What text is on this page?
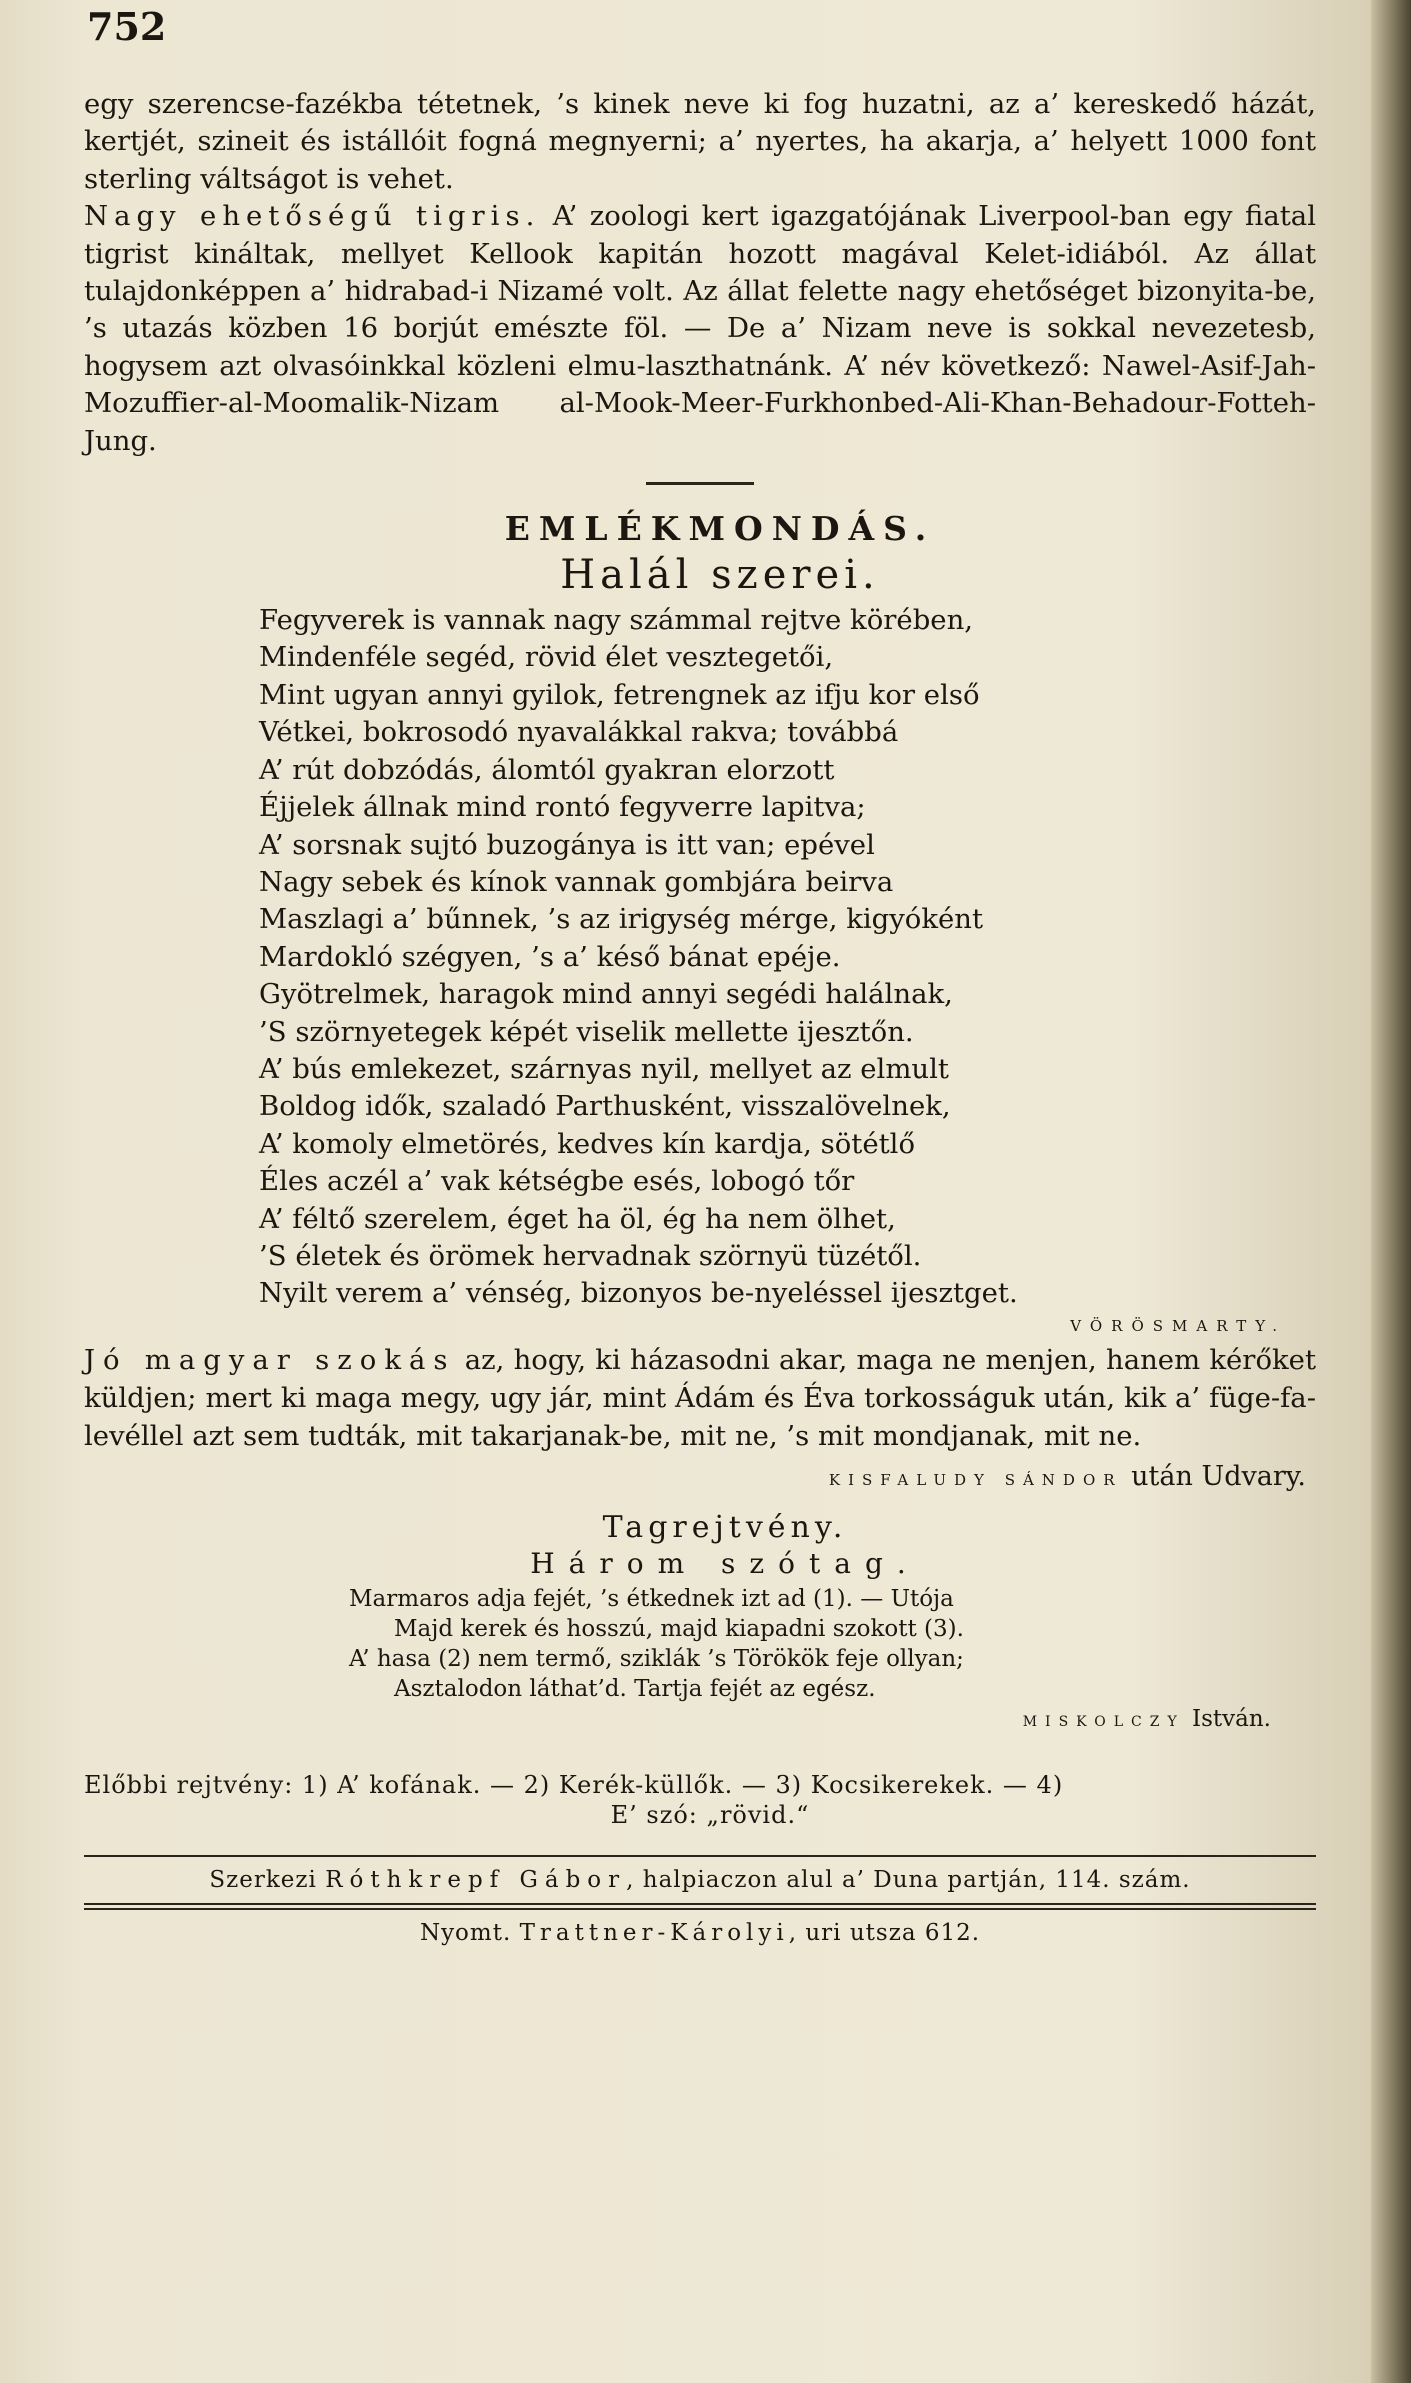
752

egy szerencse-fazékba tétetnek, ’s kinek neve ki fog huzatni, az a’ kereskedő házát, kertjét, szineit és istállóit fogná megnyerni; a’ nyertes, ha akarja, a’ helyett 1000 font sterling váltságot is vehet.

Nagy ehetőségű tigris. A’ zoologi kert igazgatójának Liverpool-ban egy fiatal tigrist kináltak, mellyet Kellook kapitán hozott magával Kelet-idiából. Az állat tulajdonképpen a’ hidrabad-i Nizamé volt. Az állat felette nagy ehetőséget bizonyita-be, ’s utazás közben 16 borjút emészte föl. — De a’ Nizam neve is sokkal nevezetesb, hogysem azt olvasóinkkal közleni elmu-laszthatnánk. A’ név következő: Nawel-Asif-Jah-Mozuffier-al-Moomalik-Nizam al-Mook-Meer-Furkhonbed-Ali-Khan-Behadour-Fotteh-Jung.

EMLÉKMONDÁS.
Halál szerei.
Fegyverek is vannak nagy számmal rejtve körében,
Mindenféle segéd, rövid élet vesztegetői,
Mint ugyan annyi gyilok, fetrengnek az ifju kor első
Vétkei, bokrosodó nyavalákkal rakva; továbbá
A’ rút dobzódás, álomtól gyakran elorzott
Éjjelek állnak mind rontó fegyverre lapitva;
A’ sorsnak sujtó buzogánya is itt van; epével
Nagy sebek és kínok vannak gombjára beirva
Maszlagi a’ bűnnek, ’s az irigység mérge, kigyóként
Mardokló szégyen, ’s a’ késő bánat epéje.
Gyötrelmek, haragok mind annyi segédi halálnak,
’S szörnyetegek képét viselik mellette ijesztőn.
A’ bús emlekezet, szárnyas nyil, mellyet az elmult
Boldog idők, szaladó Parthusként, visszalövelnek,
A’ komoly elmetörés, kedves kín kardja, sötétlő
Éles aczél a’ vak kétségbe esés, lobogó tőr
A’ féltő szerelem, éget ha öl, ég ha nem ölhet,
’S életek és örömek hervadnak szörnyü tüzétől.
Nyilt verem a’ vénség, bizonyos be-nyeléssel ijesztget.
VÖRÖSMARTY.

Jó magyar szokás az, hogy, ki házasodni akar, maga ne menjen, hanem kérőket küldjen; mert ki maga megy, ugy jár, mint Ádám és Éva torkosságuk után, kik a’ füge-fa-levéllel azt sem tudták, mit takarjanak-be, mit ne, ’s mit mondjanak, mit ne.

KISFALUDY SÁNDOR után Udvary.
Tagrejtvény.
Három szótag.
Marmaros adja fejét, ’s étkednek izt ad (1). — Utója
Majd kerek és hosszú, majd kiapadni szokott (3).
A’ hasa (2) nem termő, sziklák ’s Törökök feje ollyan;
Asztalodon láthat’d. Tartja fejét az egész.
MISKOLCZY István.
Előbbi rejtvény: 1) A’ kofának. — 2) Kerék-küllők. — 3) Kocsikerekek. — 4)
E’ szó: „rövid.“
Szerkezi Róthkrepf Gábor, halpiaczon alul a’ Duna partján, 114. szám.
Nyomt. Trattner-Károlyi, uri utsza 612.
